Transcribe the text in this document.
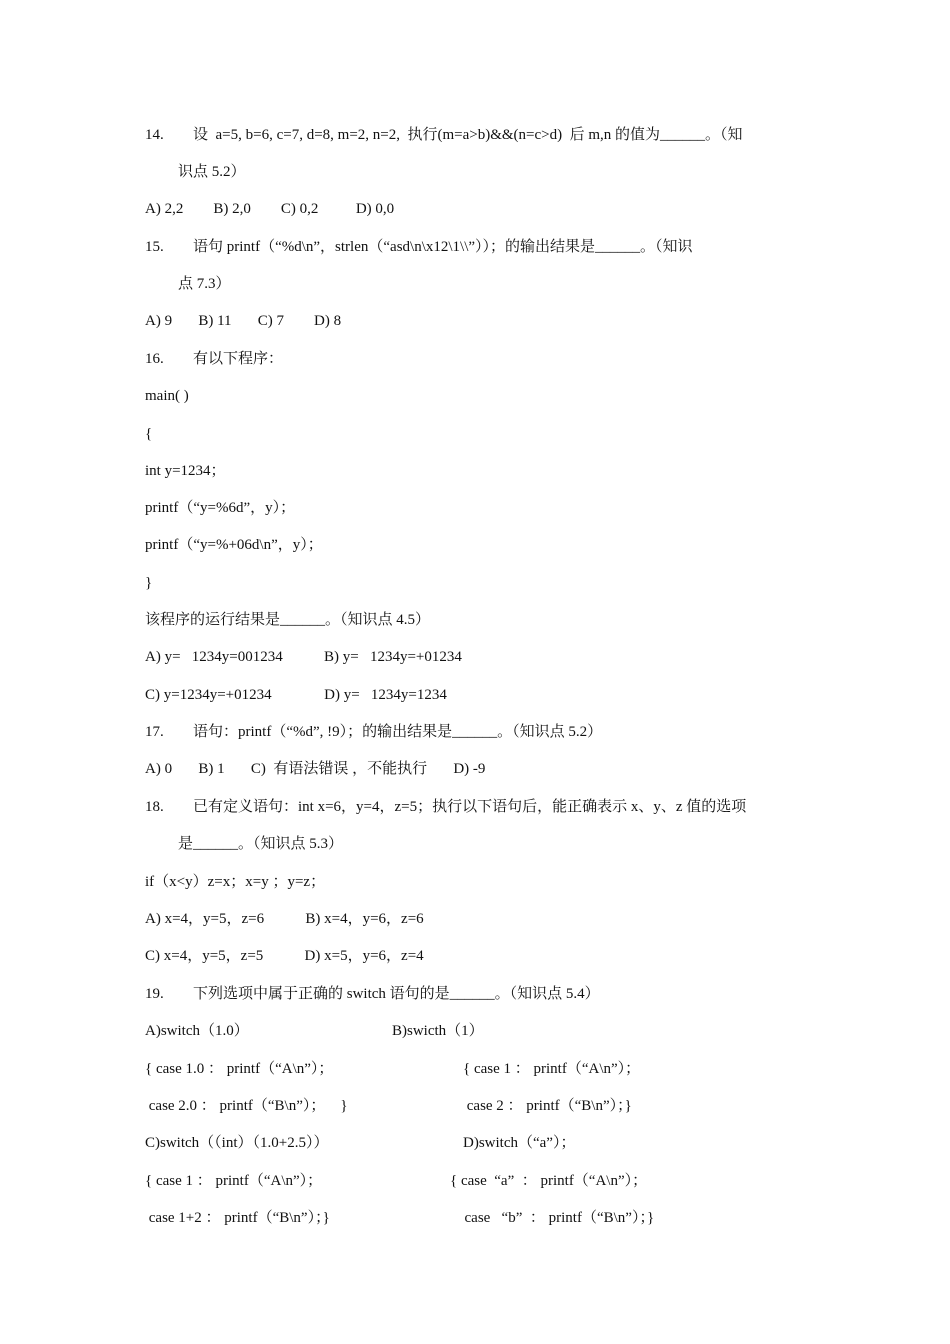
14. 设  a=5, b=6, c=7, d=8, m=2, n=2,  执行(m=a>b)&&(n=c>d)  后 m,n 的值为______。（知
识点 5.2）
A) 2,2        B) 2,0        C) 0,2          D) 0,0
15. 语句 printf（“%d\n”，strlen（“asd\n\x12\1\\”））；的输出结果是______。（知识
点 7.3）
A) 9       B) 11       C) 7        D) 8
16. 有以下程序：
main( )
{
int y=1234；
printf（“y=%6d”，y）；
printf（“y=%+06d\n”，y）；
}
该程序的运行结果是______。（知识点 4.5）
A) y=   1234y=001234           B) y=   1234y=+01234
C) y=1234y=+01234              D) y=   1234y=1234
17. 语句：printf（“%d”, !9）；的输出结果是______。（知识点 5.2）
A) 0       B) 1       C)  有语法错误 ，不能执行       D) -9
18. 已有定义语句：int x=6，y=4，z=5；执行以下语句后，能正确表示 x、y、z 值的选项
是______。（知识点 5.3）
if（x<y）z=x；x=y ；y=z；
A) x=4，y=5，z=6           B) x=4，y=6，z=6
C) x=4，y=5，z=5           D) x=5，y=6，z=4
19. 下列选项中属于正确的 switch 语句的是______。（知识点 5.4）
A)switch（1.0）	B)swicth（1）
{ case 1.0 ： printf（“A\n”）；	{ case 1 ： printf（“A\n”）；
case 2.0 ： printf（“B\n”）；    }	case 2 ： printf（“B\n”）；}
C)switch（（int）（1.0+2.5））	D)switch（“a”）；
{ case 1 ： printf（“A\n”）；	{ case  “a”  ： printf（“A\n”）；
case 1+2 ： printf（“B\n”）；}	case   “b”  ： printf（“B\n”）；}
